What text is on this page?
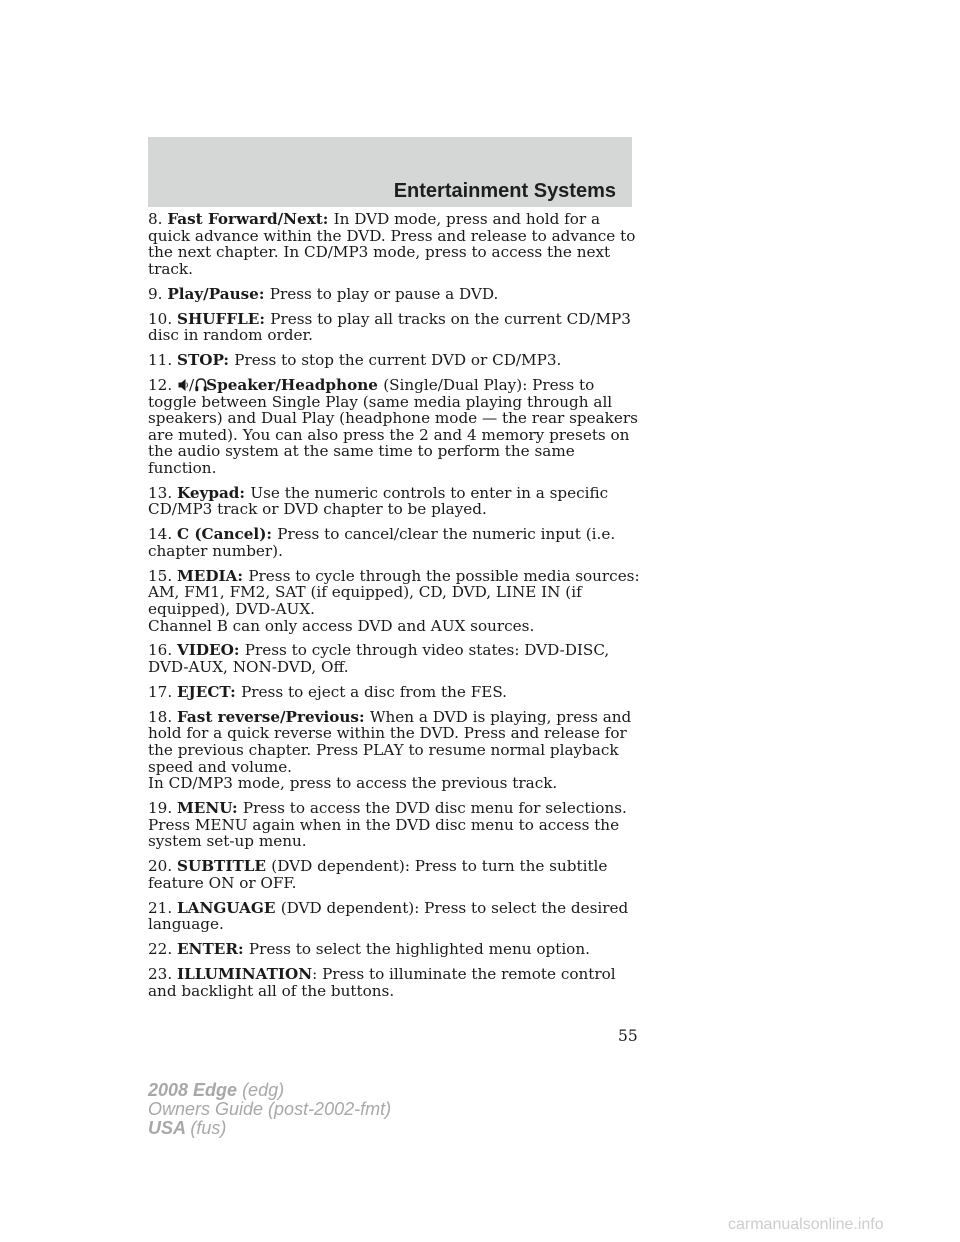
Entertainment Systems

8. Fast Forward/Next: In DVD mode, press and hold for a quick advance within the DVD. Press and release to advance to the next chapter. In CD/MP3 mode, press to access the next track.

9. Play/Pause: Press to play or pause a DVD.

10. SHUFFLE: Press to play all tracks on the current CD/MP3 disc in random order.

11. STOP: Press to stop the current DVD or CD/MP3.

12.
/ Speaker/Headphone (Single/Dual Play): Press to toggle between Single Play (same media playing through all speakers) and Dual Play (headphone mode — the rear speakers are muted). You can also press the 2 and 4 memory presets on the audio system at the same time to perform the same function.

13. Keypad: Use the numeric controls to enter in a specific CD/MP3 track or DVD chapter to be played.

14. C (Cancel): Press to cancel/clear the numeric input (i.e. chapter number).

15. MEDIA: Press to cycle through the possible media sources: AM, FM1, FM2, SAT (if equipped), CD, DVD, LINE IN (if equipped), DVD-AUX.
Channel B can only access DVD and AUX sources.

16. VIDEO: Press to cycle through video states: DVD-DISC, DVD-AUX, NON-DVD, Off.

17. EJECT: Press to eject a disc from the FES.

18. Fast reverse/Previous: When a DVD is playing, press and hold for a quick reverse within the DVD. Press and release for the previous chapter. Press PLAY to resume normal playback speed and volume.
In CD/MP3 mode, press to access the previous track.

19. MENU: Press to access the DVD disc menu for selections. Press MENU again when in the DVD disc menu to access the system set-up menu.

20. SUBTITLE (DVD dependent): Press to turn the subtitle feature ON or OFF.

21. LANGUAGE (DVD dependent): Press to select the desired language.

22. ENTER: Press to select the highlighted menu option.

23. ILLUMINATION: Press to illuminate the remote control and backlight all of the buttons.

55
2008 Edge (edg)
Owners Guide (post-2002-fmt)
USA (fus)
carmanualsonline.info
